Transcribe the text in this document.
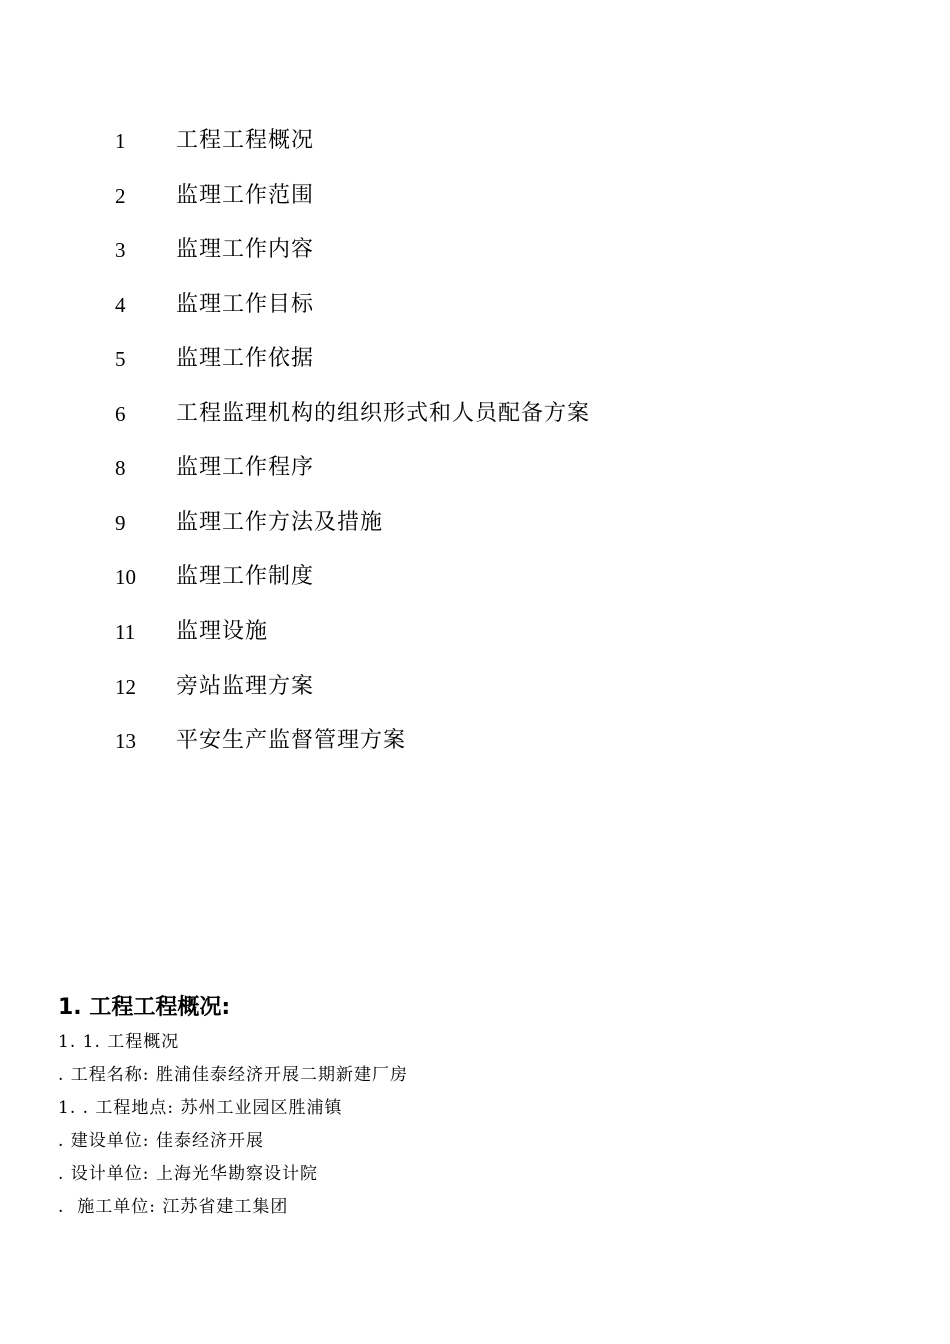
1 工程工程概况
2 监理工作范围
3 监理工作内容
4 监理工作目标
5 监理工作依据
6 工程监理机构的组织形式和人员配备方案
8 监理工作程序
9 监理工作方法及措施
10 监理工作制度
11 监理设施
12 旁站监理方案
13 平安生产监督管理方案
1. 工程工程概况:
1. 1. 工程概况
. 工程名称: 胜浦佳泰经济开展二期新建厂房
1. . 工程地点: 苏州工业园区胜浦镇
. 建设单位: 佳泰经济开展
. 设计单位: 上海光华勘察设计院
.  施工单位: 江苏省建工集团
